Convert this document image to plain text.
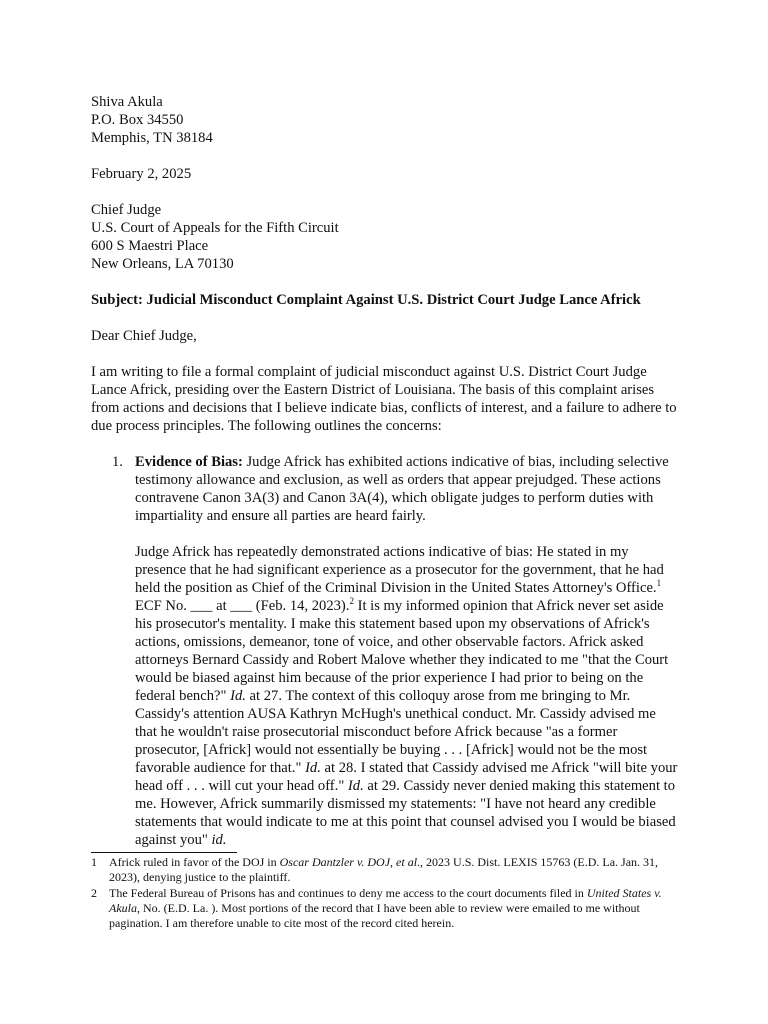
Shiva Akula
P.O. Box 34550
Memphis, TN 38184
February 2, 2025
Chief Judge
U.S. Court of Appeals for the Fifth Circuit
600 S Maestri Place
New Orleans, LA 70130
Subject: Judicial Misconduct Complaint Against U.S. District Court Judge Lance Africk
Dear Chief Judge,
I am writing to file a formal complaint of judicial misconduct against U.S. District Court Judge Lance Africk, presiding over the Eastern District of Louisiana. The basis of this complaint arises from actions and decisions that I believe indicate bias, conflicts of interest, and a failure to adhere to due process principles. The following outlines the concerns:
1. Evidence of Bias: Judge Africk has exhibited actions indicative of bias, including selective testimony allowance and exclusion, as well as orders that appear prejudged. These actions contravene Canon 3A(3) and Canon 3A(4), which obligate judges to perform duties with impartiality and ensure all parties are heard fairly.
Judge Africk has repeatedly demonstrated actions indicative of bias: He stated in my presence that he had significant experience as a prosecutor for the government, that he had held the position as Chief of the Criminal Division in the United States Attorney's Office.$^1$ ECF No. ___ at ___ (Feb. 14, 2023).$^2$ It is my informed opinion that Africk never set aside his prosecutor's mentality. I make this statement based upon my observations of Africk's actions, omissions, demeanor, tone of voice, and other observable factors. Africk asked attorneys Bernard Cassidy and Robert Malove whether they indicated to me "that the Court would be biased against him because of the prior experience I had prior to being on the federal bench?" Id. at 27. The context of this colloquy arose from me bringing to Mr. Cassidy's attention AUSA Kathryn McHugh's unethical conduct. Mr. Cassidy advised me that he wouldn't raise prosecutorial misconduct before Africk because "as a former prosecutor, [Africk] would not essentially be buying . . . [Africk] would not be the most favorable audience for that." Id. at 28. I stated that Cassidy advised me Africk "will bite your head off . . . will cut your head off." Id. at 29. Cassidy never denied making this statement to me. However, Africk summarily dismissed my statements: "I have not heard any credible statements that would indicate to me at this point that counsel advised you I would be biased against you" id.
1 Africk ruled in favor of the DOJ in Oscar Dantzler v. DOJ, et al., 2023 U.S. Dist. LEXIS 15763 (E.D. La. Jan. 31, 2023), denying justice to the plaintiff.
2 The Federal Bureau of Prisons has and continues to deny me access to the court documents filed in United States v. Akula, No. (E.D. La. ). Most portions of the record that I have been able to review were emailed to me without pagination. I am therefore unable to cite most of the record cited herein.
